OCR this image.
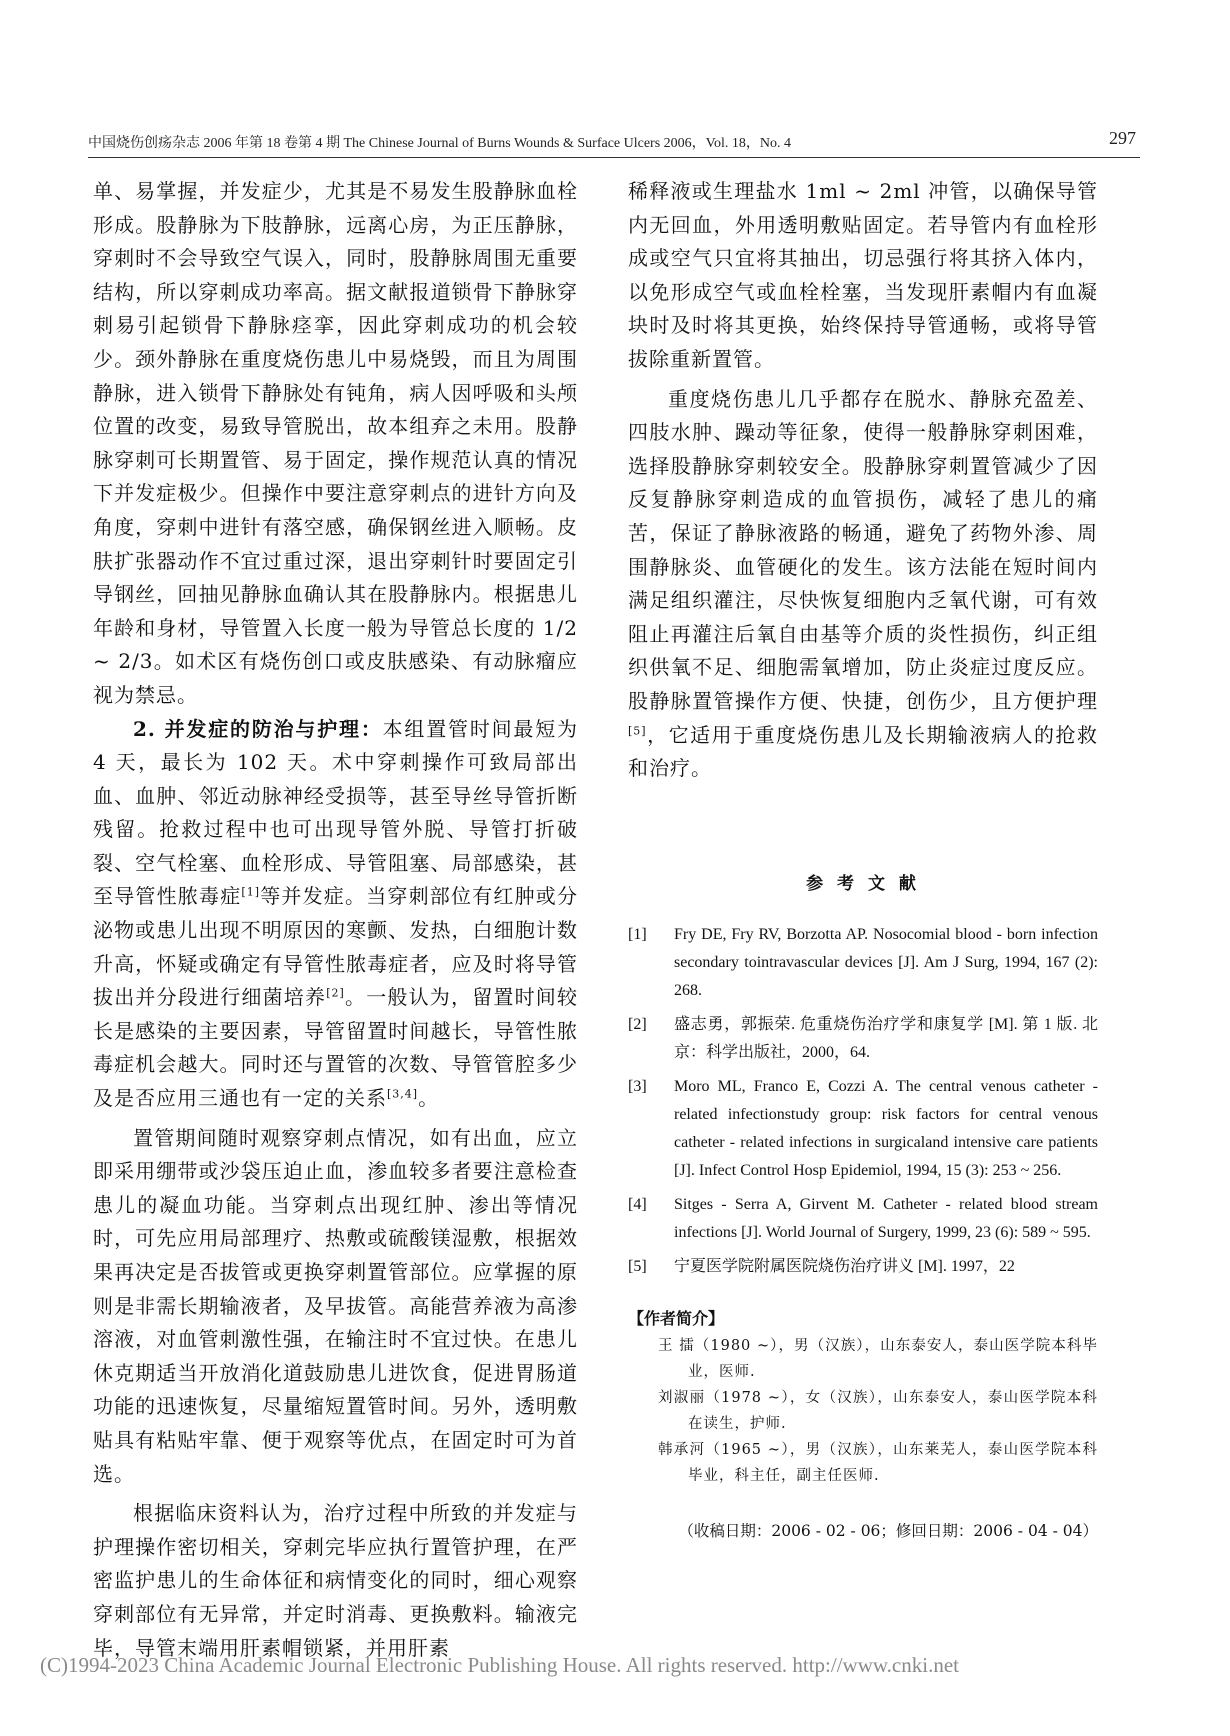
中国烧伤创疡杂志 2006 年第 18 卷第 4 期 The Chinese Journal of Burns Wounds & Surface Ulcers 2006，Vol. 18，No. 4	297

单、易掌握，并发症少，尤其是不易发生股静脉血栓形成。股静脉为下肢静脉，远离心房，为正压静脉，穿刺时不会导致空气误入，同时，股静脉周围无重要结构，所以穿刺成功率高。据文献报道锁骨下静脉穿刺易引起锁骨下静脉痉挛，因此穿刺成功的机会较少。颈外静脉在重度烧伤患儿中易烧毁，而且为周围静脉，进入锁骨下静脉处有钝角，病人因呼吸和头颅位置的改变，易致导管脱出，故本组弃之未用。股静脉穿刺可长期置管、易于固定，操作规范认真的情况下并发症极少。但操作中要注意穿刺点的进针方向及角度，穿刺中进针有落空感，确保钢丝进入顺畅。皮肤扩张器动作不宜过重过深，退出穿刺针时要固定引导钢丝，回抽见静脉血确认其在股静脉内。根据患儿年龄和身材，导管置入长度一般为导管总长度的 1/2 ~ 2/3。如术区有烧伤创口或皮肤感染、有动脉瘤应视为禁忌。

2. 并发症的防治与护理：本组置管时间最短为 4 天，最长为 102 天。术中穿刺操作可致局部出血、血肿、邻近动脉神经受损等，甚至导丝导管折断残留。抢救过程中也可出现导管外脱、导管打折破裂、空气栓塞、血栓形成、导管阻塞、局部感染，甚至导管性脓毒症[1]等并发症。当穿刺部位有红肿或分泌物或患儿出现不明原因的寒颤、发热，白细胞计数升高，怀疑或确定有导管性脓毒症者，应及时将导管拔出并分段进行细菌培养[2]。一般认为，留置时间较长是感染的主要因素，导管留置时间越长，导管性脓毒症机会越大。同时还与置管的次数、导管管腔多少及是否应用三通也有一定的关系[3,4]。

置管期间随时观察穿刺点情况，如有出血，应立即采用绷带或沙袋压迫止血，渗血较多者要注意检查患儿的凝血功能。当穿刺点出现红肿、渗出等情况时，可先应用局部理疗、热敷或硫酸镁湿敷，根据效果再决定是否拔管或更换穿刺置管部位。应掌握的原则是非需长期输液者，及早拔管。高能营养液为高渗溶液，对血管刺激性强，在输注时不宜过快。在患儿休克期适当开放消化道鼓励患儿进饮食，促进胃肠道功能的迅速恢复，尽量缩短置管时间。另外，透明敷贴具有粘贴牢靠、便于观察等优点，在固定时可为首选。

根据临床资料认为，治疗过程中所致的并发症与护理操作密切相关，穿刺完毕应执行置管护理，在严密监护患儿的生命体征和病情变化的同时，细心观察穿刺部位有无异常，并定时消毒、更换敷料。输液完毕，导管末端用肝素帽锁紧，并用肝素

稀释液或生理盐水 1ml ~ 2ml 冲管，以确保导管内无回血，外用透明敷贴固定。若导管内有血栓形成或空气只宜将其抽出，切忌强行将其挤入体内，以免形成空气或血栓栓塞，当发现肝素帽内有血凝块时及时将其更换，始终保持导管通畅，或将导管拔除重新置管。

重度烧伤患儿几乎都存在脱水、静脉充盈差、四肢水肿、躁动等征象，使得一般静脉穿刺困难，选择股静脉穿刺较安全。股静脉穿刺置管减少了因反复静脉穿刺造成的血管损伤，减轻了患儿的痛苦，保证了静脉液路的畅通，避免了药物外渗、周围静脉炎、血管硬化的发生。该方法能在短时间内满足组织灌注，尽快恢复细胞内乏氧代谢，可有效阻止再灌注后氧自由基等介质的炎性损伤，纠正组织供氧不足、细胞需氧增加，防止炎症过度反应。股静脉置管操作方便、快捷，创伤少，且方便护理[5]，它适用于重度烧伤患儿及长期输液病人的抢救和治疗。

参 考 文 献
[1]	Fry DE, Fry RV, Borzotta AP. Nosocomial blood - born infection secondary tointravascular devices [J]. Am J Surg, 1994, 167 (2): 268.
[2]	盛志勇，郭振荣. 危重烧伤治疗学和康复学 [M]. 第 1 版. 北京：科学出版社，2000，64.
[3]	Moro ML, Franco E, Cozzi A. The central venous catheter - related infectionstudy group: risk factors for central venous catheter - related infections in surgicaland intensive care patients [J]. Infect Control Hosp Epidemiol, 1994, 15 (3): 253 ~ 256.
[4]	Sitges - Serra A, Girvent M. Catheter - related blood stream infections [J]. World Journal of Surgery, 1999, 23 (6): 589 ~ 595.
[5]	宁夏医学院附属医院烧伤治疗讲义 [M]. 1997，22
【作者简介】

王 擂（1980 ~），男（汉族），山东泰安人，泰山医学院本科毕业，医师.

刘淑丽（1978 ~），女（汉族），山东泰安人，泰山医学院本科在读生，护师.

韩承河（1965 ~），男（汉族），山东莱芜人，泰山医学院本科毕业，科主任，副主任医师.

（收稿日期：2006 - 02 - 06；修回日期：2006 - 04 - 04）
(C)1994-2023 China Academic Journal Electronic Publishing House. All rights reserved. http://www.cnki.net
